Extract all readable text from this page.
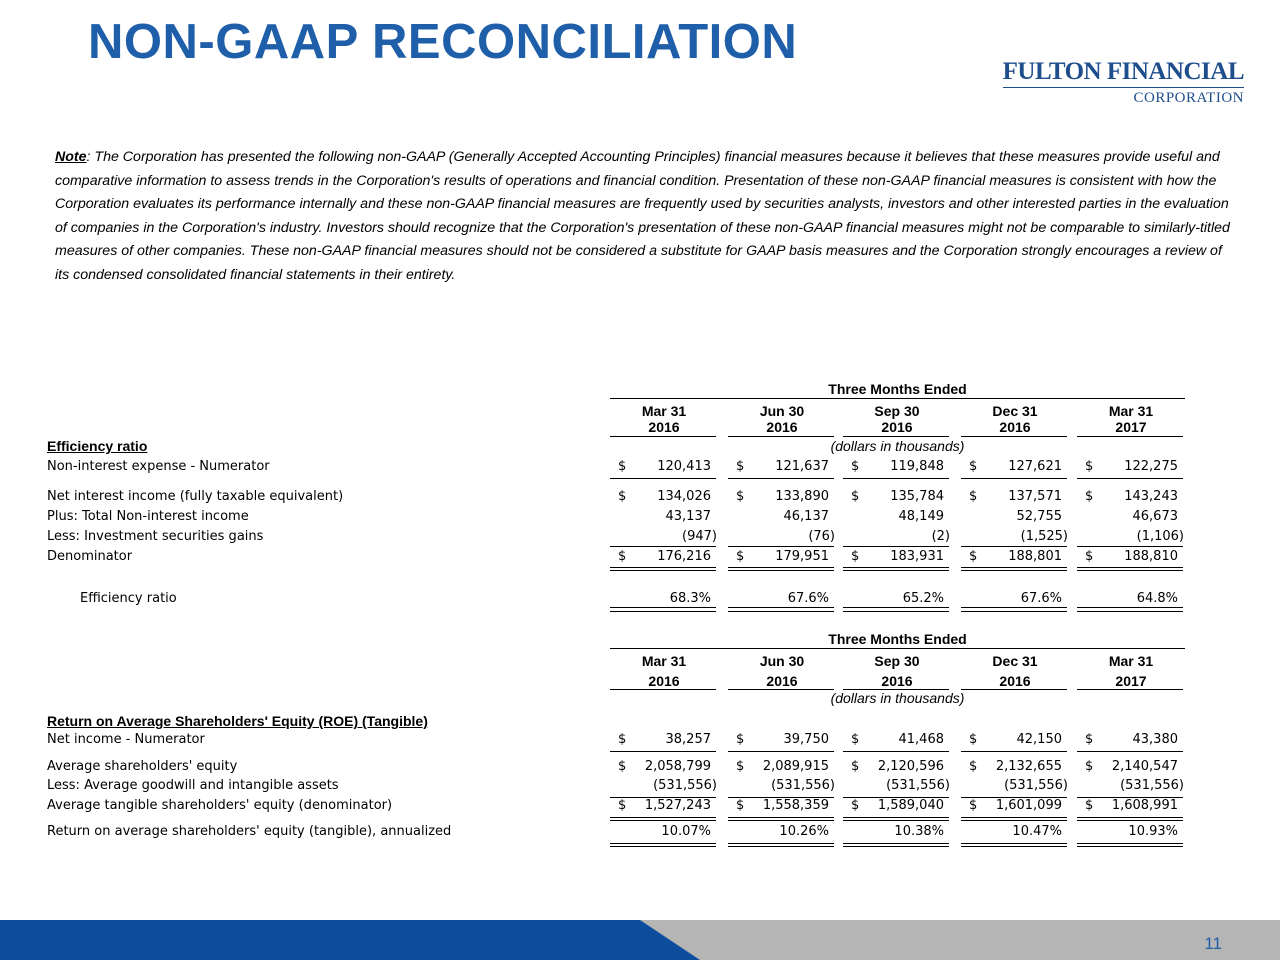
NON-GAAP RECONCILIATION
FULTON FINANCIAL
CORPORATION

Note: The Corporation has presented the following non-GAAP (Generally Accepted Accounting Principles) financial measures because it believes that these measures provide useful and comparative information to assess trends in the Corporation's results of operations and financial condition. Presentation of these non-GAAP financial measures is consistent with how the Corporation evaluates its performance internally and these non-GAAP financial measures are frequently used by securities analysts, investors and other interested parties in the evaluation of companies in the Corporation's industry. Investors should recognize that the Corporation's presentation of these non-GAAP financial measures might not be comparable to similarly-titled measures of other companies. These non-GAAP financial measures should not be considered a substitute for GAAP basis measures and the Corporation strongly encourages a review of its condensed consolidated financial statements in their entirety.

Three Months Ended
Mar 31
2016
Jun 30
2016
Sep 30
2016
Dec 31
2016
Mar 31
2017
(dollars in thousands)
Efficiency ratio
Non-interest expense - Numerator	$	120,413 $	121,637 $	119,848 $	127,621 $	122,275
Net interest income (fully taxable equivalent)	$	134,026 $	133,890 $	135,784 $	137,571 $	143,243
Plus: Total Non-interest income	43,137	46,137	48,149	52,755	46,673
Less: Investment securities gains	(947)	(76)	(2)	(1,525)	(1,106)
Denominator	$	176,216 $	179,951 $	183,931 $	188,801 $	188,810
Efficiency ratio	68.3%	67.6%	65.2%	67.6%	64.8%
Three Months Ended
Mar 31
2016
Jun 30
2016
Sep 30
2016
Dec 31
2016
Mar 31
2017
(dollars in thousands)
Return on Average Shareholders' Equity (ROE) (Tangible)
Net income - Numerator	$	38,257 $	39,750 $	41,468 $	42,150 $	43,380
Average shareholders' equity	$	2,058,799 $	2,089,915 $	2,120,596 $	2,132,655 $	2,140,547
Less: Average goodwill and intangible assets	(531,556)	(531,556)	(531,556)	(531,556)	(531,556)
Average tangible shareholders' equity (denominator)	$	1,527,243 $	1,558,359 $	1,589,040 $	1,601,099 $	1,608,991
Return on average shareholders' equity (tangible), annualized	10.07%	10.26%	10.38%	10.47%	10.93%
11
